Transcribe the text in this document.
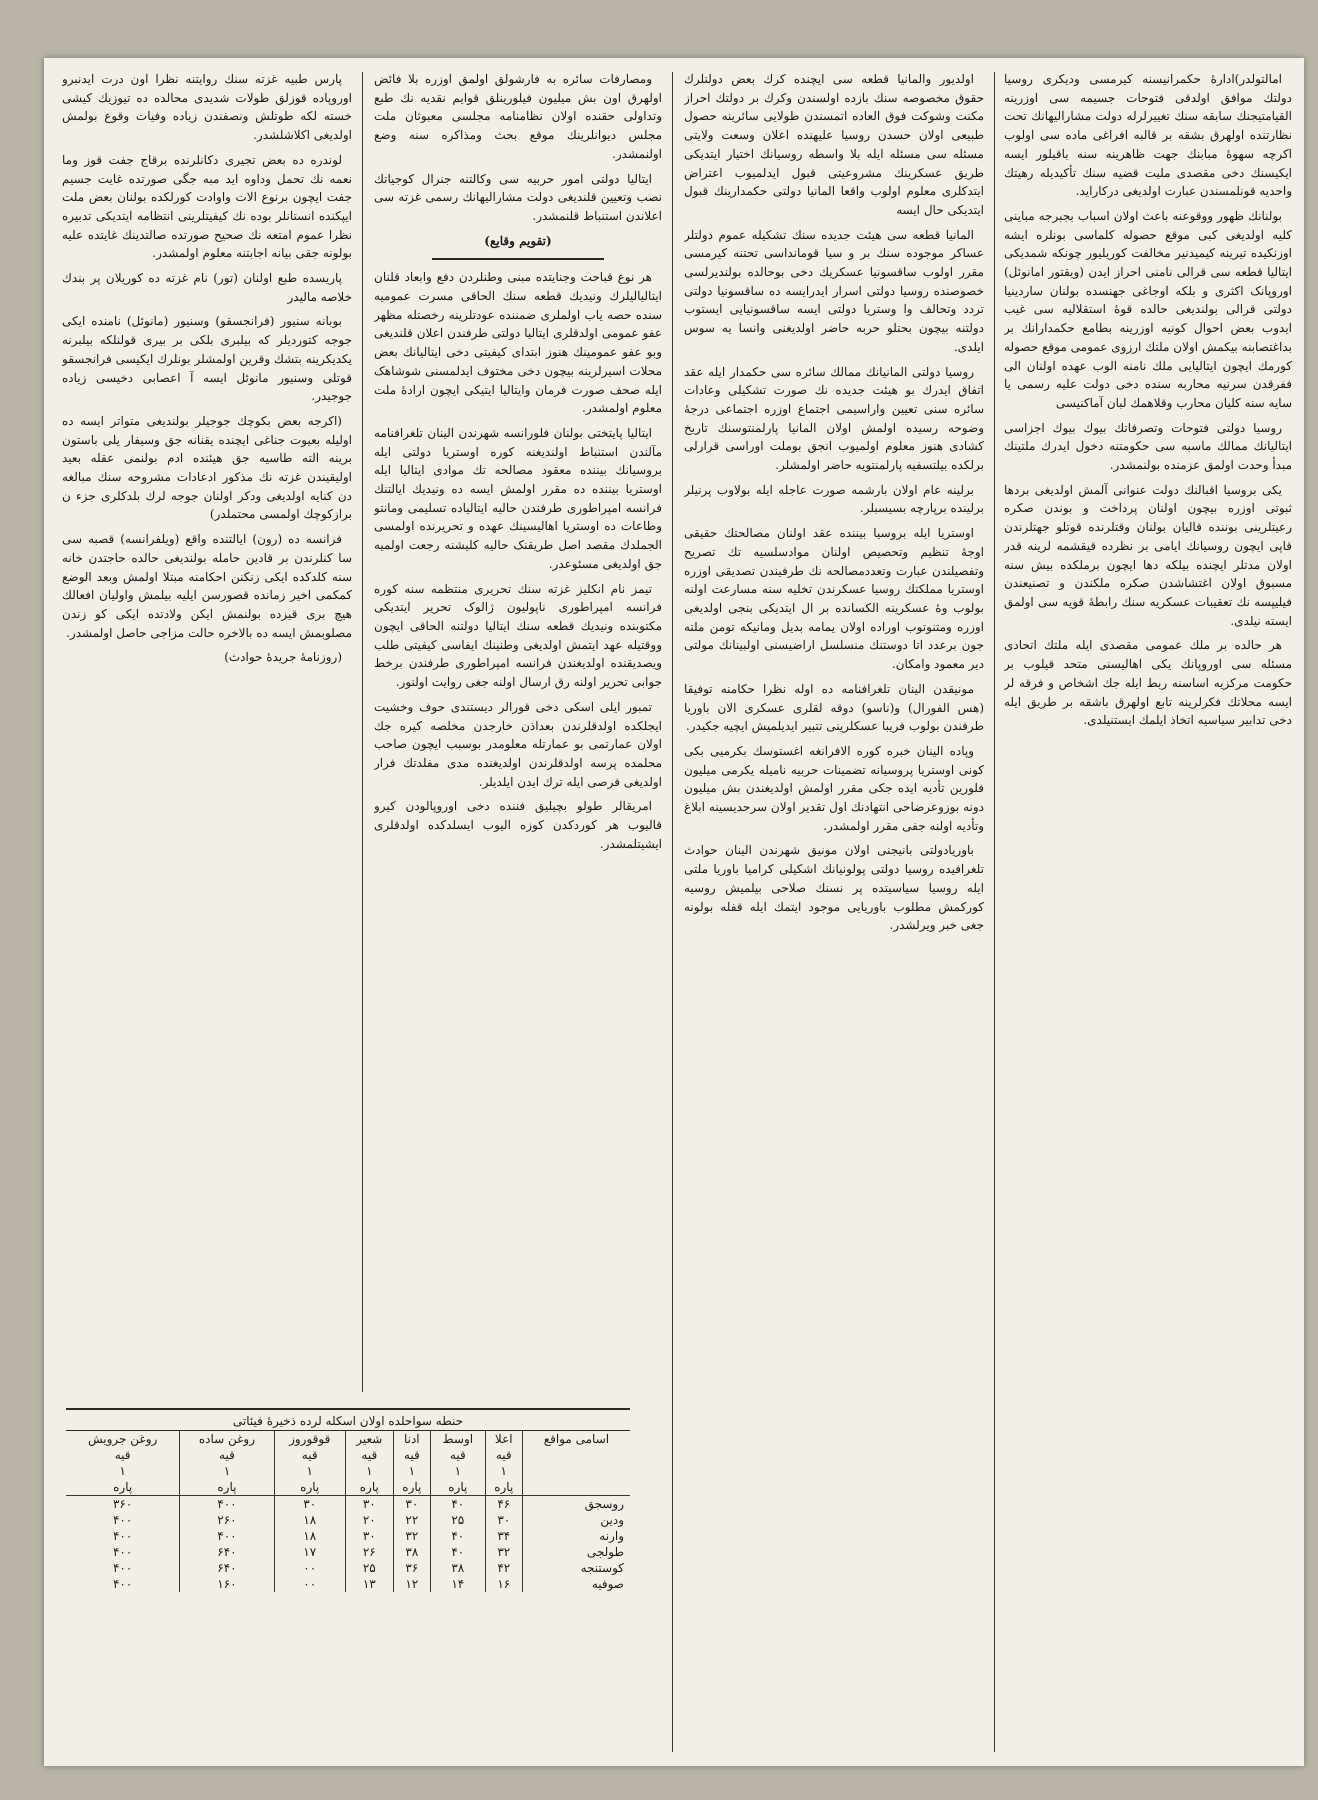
امالتولدر)ادارهٔ حکمرانیسنه کیرمسی ودیکری روسیا دولتك موافق اولدقی فتوحات جسیمه سی اوزرینه القیامتیجنك سابقه سنك تغییرلرله دولت مشارالیهانك تحت نظارتنده اولهرق بشقه بر قالبه افراغی ماده سی اولوب اکرچه سهوهٔ مبابنك جهت ظاهرینه سنه باقیلور ایسه ایکیسنك دخی مقصدی ملیت قضیه سنك تأکیدیله رهیتك واحدیه قونلمسندن عبارت اولدیغی درکاراید.

بولنانك ظهور ووقوعنه باعث اولان اسباب بجبرجه مباینی کلیه اولدیغی کبی موقع حصوله کلماسی بونلره ایشه اوزنکیده تیرینه کیمیدنیر مخالفت کوریلیور چونکه شمدیکی ایتالیا قطعه سی قرالی نامنی احراز ایدن (ویقتور امانوئل) اوروپانک اکثری و بلکه اوجاغی جهنسده بولنان ساردینیا دولتی قرالی بولندیغی حالده قوهٔ استقلالیه سی غیب ایدوب بعض احوال کونیه اوزرینه بطامع حکمدارانك بر بداغتصابنه بیکمش اولان ملتك ارزوی عمومی موقع حصوله کورمك ایچون ایتالیایی ملك نامنه الوب عهده اولنان الی ففرقدن سرنیه محاربه سنده دخی دولت علیه رسمی یا سایه سنه کلیان محارب وقلاهمك لبان آماکنیسی

روسیا دولتی فتوحات وتصرفاتك بیوك بیوك اجزاسی ایتالیانك ممالك ماسبه سی حکومتنه دخول ایدرك ملتینك مبدأ وحدت اولمق عزمنده بولنمشدر.

یکی بروسیا اقبالنك دولت عنوانی آلمش اولدیغی بردها ثبوتی اوزره بیچون اولنان پرداخت و بوندن صکره رعیتلرینی بوننده قالیان بولنان وقتلرنده قوتلو جهتلرندن قاپی ایچون روسیانك ایامی بر نظرده قیقشمه لرینه قدر اولان مدتلر ایچنده بیلکه دها ایچون برملکده بیش سنه مسبوق اولان اغتشاشدن صکره ملکندن و تصنیعندن فیلیپسه نك تعقیبات عسکریه سنك رابطهٔ قویه سی اولمق ایسته نیلدی.

هر حالده بر ملك عمومی مقصدی ایله ملتك اتحادی مسئله سی اوروپانك یکی اهالیسنی متحد قیلوب بر حکومت مركزیه اساسنه ربط ایله جك اشخاص و فرقه لر ایسه محلاتك فكرلرینه تابع اولهرق باشقه بر طریق ایله دخی تدابیر سیاسیه اتخاذ ایلمك ایستنیلدی.

اولدیور والمانیا قطعه سی ایچنده کرك بعض دولتلرك حقوق مخصوصه سنك بازده اولسندن وکرك بر دولتك احراز مکنت وشوکت فوق العاده اتمسندن طولایی سائرینه حصول طبیعی اولان حسدن روسیا علیهنده اعلان وسعت ولایتی مسئله سی مسئله ایله بلا واسطه روسیانك اختیار ایتدیکی طریق عسکرینك مشروعیتی قبول ایدلمیوب اعتراض ایتدکلری معلوم اولوب واقعا المانیا دولتی حکمدارینك قبول ایتدیکی حال ایسه

المانیا قطعه سی هیئت جدیده سنك تشکیله عموم دولتلر عساکر موجوده سنك بر و سیا قومانداسی تحتنه کیرمسی مقرر اولوب ساقسونیا عسکریك دخی بوحالده بولندیرلسی خصوصنده روسیا دولتی اسرار ایدرایسه ده ساقسونیا دولتی تردد وتحالف وا وستریا دولتی ایسه ساقسونیایی ایستوب دولتنه بیچون بحتلو حربه حاضر اولدیغنی وانسا یه سوس ایلدی.

روسیا دولتی المانیانك ممالك سائره سی حکمدار ایله عقد اتفاق ایدرك بو هیئت جدیده نك صورت تشکیلی وعادات سائره سنی تعیین واراسیمی اجتماع اوزره اجتماعی درجهٔ وضوحه رسیده اولمش اولان المانیا پارلمنتوسنك تاریخ کشادی هنوز معلوم اولمیوب انجق بوملت اوراسی قرارلی برلکده بیلتسفیه پارلمنتویه حاضر اولمشلر.

برلینه عام اولان بارشمه صورت عاجله ایله بولاوب پرنیلر برلینده برپارچه بسیسبلر.

اوستریا ایله بروسیا بیننده عقد اولنان مصالحتك حقیقی اوجهٔ تنظیم وتحصیص اولنان موادسلسیه تك تصریح وتفصیلندن عبارت وتعددمصالحه نك طرفیندن تصدیقی اوزره اوستریا مملکتك روسیا عسکرندن تخلیه سنه مسارعت اولنه بولوب وهٔ عسکرینه الکسانده بر ال ایتدیکی بنجی اولدیغی اوزره ومتنوتوب اوراده اولان یمامه بدیل ومانیکه تومن ملته جون برعدد اتا دوستنك منسلسل اراضیسنی اولبینانك مولتی دیر معمود وامکان.

مونیقدن الینان تلغرافنامه ده اوله نظرا حکامنه توفیقا (هس الفورال) و(ناسو) دوقه لقلری عسکری الان باوریا طرفندن بولوب فریبا عسکلرینی تتبیر ایدیلمیش ایچیه جکیدر.

وپاده الینان خبره کوره الافرانغه اغستوسك بکرمیی بکی کونی اوستریا پروسیانه تضمینات حربیه نامیله یکرمی میلیون فلورین تأدیه ایده جکی مقرر اولمش اولدیغندن بش میلیون دونه بوزوعرضاحی انتهادنك اول تقدیر اولان سرحدیسینه ابلاغ وتأدیه اولنه جفی مقرر اولمشدر.

باوریادولتی بانیجنی اولان مونیق شهرندن الینان حوادث تلغرافیده روسیا دولتی پولونیانك اشکیلی کرامیا باوریا ملتی ایله روسیا سیاسیتده پر نسنك صلاحی بیلمیش روسیه کورکمش مطلوب باوریایی موجود ایتمك ایله قفله بولونه جغی خبر ویرلشدر.

ومصارفات سائره به فارشولق اولمق اوزره بلا فائض اولهرق اون بش میلیون فیلورینلق قوایم نقدیه نك طبع وتداولی حقنده اولان نظامنامه مجلسی معبوثان ملت مجلس دیوانلرینك موقع بحث ومذاکره سنه وضع اولنمشدر.

ایتالیا دولتی امور حربیه سی وکالتنه جنرال کوجیاتك نصب وتعیین قلندیغی دولت مشارالیهانك رسمی غزته سی اعلاندن استنباط قلنمشدر.

(تقویم وقایع)

هر نوع قباحت وجنایتده مبنی وطنلردن دفع وابعاد قلنان ایتالیالیلرك ونیدیك قطعه سنك الحاقی مسرت عمومیه سنده حصه یاب اولملری ضمننده عودتلرینه رخصتله مظهر عفو عمومی اولدقلری ایتالیا دولتی طرفندن اعلان قلندیغی وبو عفو عمومینك هنوز ابتدای کیفیتی دخی ایتالیانك بعض محلات اسیرلرینه بیچون دخی مختوف ایدلمسنی شوشاهک ایله صحف صورت فرمان وایتالیا ایتیکی ایچون ارادهٔ ملت معلوم اولمشدر.

ایتالیا پایتختی بولنان فلورانسه شهرندن الینان تلغرافنامه مآلندن استنباط اولندیغنه کوره اوستریا دولتی ایله بروسیانك بیننده معقود مصالحه تك موادی ایتالیا ایله اوستریا بیننده ده مقرر اولمش ایسه ده ونیدیك ایالتنك فرانسه امپراطوری طرفندن حالیه ایتالیاده تسلیمی ومانتو وطاعات ده اوستریا اهالیسینك عهده و تحریرنده اولمسی الجملدك مقصد اصل طریقنک حالیه کلیشنه رجعت اولمیه جق اولدیغی مسئوعدر.

تیمز نام انکلیز غزته سنك تحریری منتظمه سنه کوره فرانسه امپراطوری ناپولیون ژالوک تحریر ایتدیکی مکتوبنده ونیدیك قطعه سنك ایتالیا دولتنه الحاقی ایچون ووقتیله عهد ایتمش اولدیغی وطنینك ایفاسی کیفیتی طلب ویصدیقنده اولدیغندن فرانسه امپراطوری طرفندن برخط جوابی تحریر اولنه رق ارسال اولنه جغی روایت اولنور.

تمبور ایلی اسکی دخی قورالر دیستندی حوف وخشیت ایجلکده اولدقلرندن بعداذن خارجدن مخلصه کیره جك اولان عمارتمی بو عمارتله معلومدر بوسبب ایچون صاحب محلمده پرسه اولدقلرندن اولدیغنده مدی مفلدتك فرار اولدیغی فرصی ایله ترك ایدن ایلدیلر.

امریقالر طولو بچیلیق فننده دخی اوروپالودن کیرو قالیوب هر کوردکدن کوزه الیوب ایسلدکده اولدقلری ایشیتلمشدر.

پارس طبیه غزته سنك روایتنه نظرا اون درت ایدنبرو اوروپاده قوزلق طولات شدیدی محالده ده تیوزیك کیشی خسته لکه طوتلش ونصفندن زیاده وفیات وقوع بولمش اولدیغی اکلاشلشدر.

لوندره ده بعض تجیری دکانلرنده برقاج جفت قوز وما نعمه نك تحمل وداوه اید مبه جگی صورتده غایت جسیم جفت ایچون برنوع الات واوادت کورلکده بولنان بعض ملت ایپکنده انستانلر بوده نك کیفیتلرینی انتظامه ایتدیکی تدبیره نظرا عموم امتعه نك صحیح صورتده صالتدینك غایتده علیه بولونه جقی بیانه اجابتنه معلوم اولمشدر.

پاریسده طبع اولنان (تور) نام غزته ده کوریلان پر بندك خلاصه مالیدر

بوبانه سنیور (فرانجسقو) وسنیور (مانوئل) نامنده ایکی جوجه کتوردیلر که بیلبری بلکی بر بیری قولنلکه بیلبرنه یکدیکرینه بتشك وقرین اولمشلر بونلرك ایکیسی فرانجسقو قوتلی وسنیور مانوئل ایسه آ اعصابی دخیسی زیاده جوجیدر.

(اکرجه بعض بکوچك جوجیلر بولندیغی متواتر ایسه ده اولیله بعیوت جناغی ایچنده یقنانه جق وسیفار یلی باستون برینه الته طاسیه جق هیئنده ادم بولنمی عقله بعید اولیقیندن غزته نك مذکور ادعادات مشروحه سنك مبالغه دن کنایه اولدیغی ودکر اولنان جوجه لرك بلدکلری جزء ن برازکوچك اولمسی محتملدر)

فرانسه ده (رون) ایالتنده واقع (ویلفرانسه) قصبه سی سا کنلرندن بر قادین حامله بولندیغی حالده حاجتدن خانه سنه کلدکده ایکی زنکنن احکامنه مبتلا اولمش وبعد الوضع کمکمی اخیر زمانده قصورسن ایلیه بیلمش واولیان افعالك هیچ بری قیزده بولنمش ایکن ولادتده ایکی کو زندن مصلوبمش ایسه ده بالاخره حالت مزاجی حاصل اولمشدر.

(روزنامهٔ جریدهٔ حوادث)

حنطه سواحلده اولان اسکله لرده ذخیرهٔ فیئاتی
اسامی مواقع	اعلا	اوسط	ادنا	شعیر	قوقوروز	روغن ساده	روغن جرویش
	قیه	قیه	قیه	قیه	قیه	قیه	قیه
	۱	۱	۱	۱	۱	۱	۱
	پاره	پاره	پاره	پاره	پاره	پاره	پاره
روسجق	۴۶	۴۰	۳۰	۳۰	۳۰	۴۰۰	۳۶۰
ودین	۳۰	۲۵	۲۲	۲۰	۱۸	۲۶۰	۴۰۰
وارنه	۳۴	۴۰	۳۲	۳۰	۱۸	۴۰۰	۴۰۰
طولجی	۳۲	۴۰	۳۸	۲۶	۱۷	۶۴۰	۴۰۰
کوستنجه	۴۲	۳۸	۳۶	۲۵	۰۰	۶۴۰	۴۰۰
صوفیه	۱۶	۱۴	۱۲	۱۳	۰۰	۱۶۰	۴۰۰
